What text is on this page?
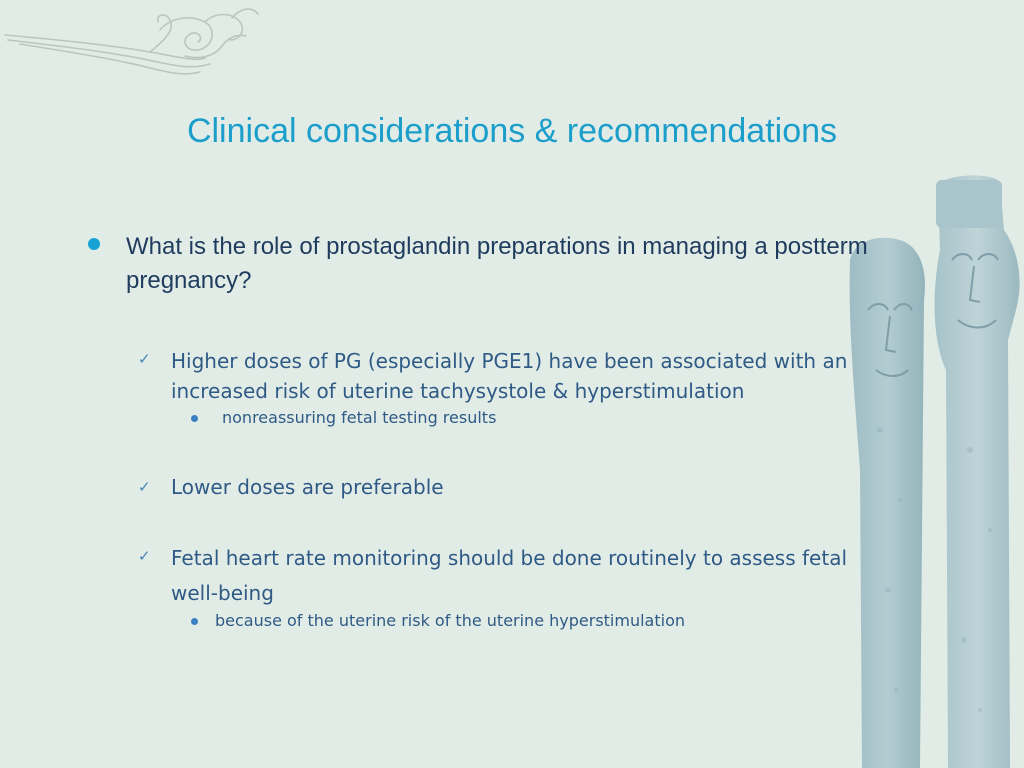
Clinical considerations & recommendations
What is the role of prostaglandin preparations in managing a postterm pregnancy?
✓ Higher doses of PG (especially PGE1) have been associated with an increased risk of uterine tachysystole & hyperstimulation
nonreassuring fetal testing results
✓ Lower doses are preferable
✓ Fetal heart rate monitoring should be done routinely to assess fetal well-being
because of the uterine risk of the uterine hyperstimulation
